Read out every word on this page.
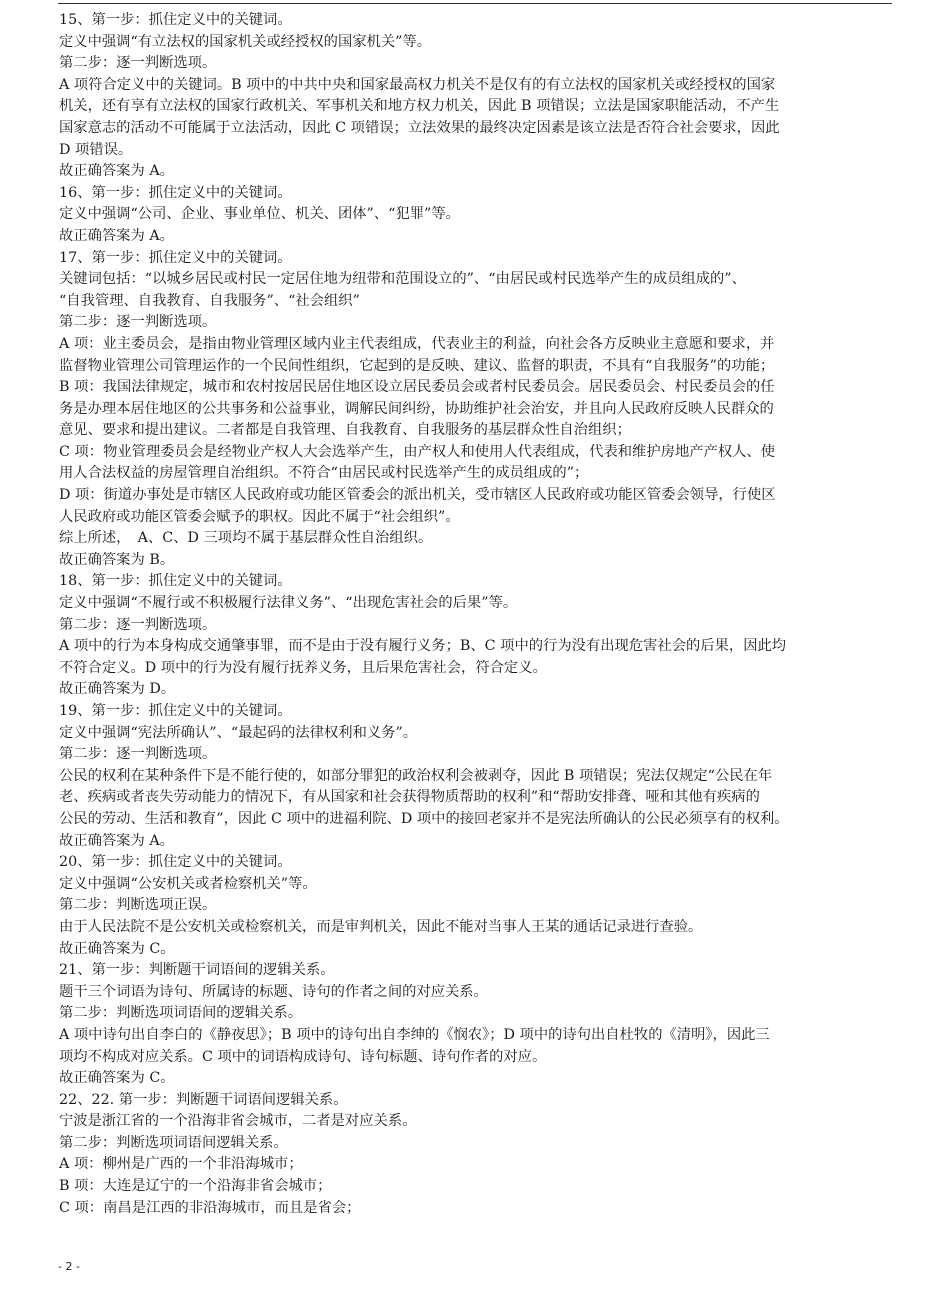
15、第一步：抓住定义中的关键词。
定义中强调“有立法权的国家机关或经授权的国家机关”等。
第二步：逐一判断选项。
A 项符合定义中的关键词。B 项中的中共中央和国家最高权力机关不是仅有的有立法权的国家机关或经授权的国家
机关，还有享有立法权的国家行政机关、军事机关和地方权力机关，因此 B 项错误；立法是国家职能活动，不产生
国家意志的活动不可能属于立法活动，因此 C 项错误；立法效果的最终决定因素是该立法是否符合社会要求，因此
D 项错误。
故正确答案为 A。
16、第一步：抓住定义中的关键词。
定义中强调“公司、企业、事业单位、机关、团体”、“犯罪”等。
故正确答案为 A。
17、第一步：抓住定义中的关键词。
关键词包括：“以城乡居民或村民一定居住地为纽带和范围设立的”、“由居民或村民选举产生的成员组成的”、
“自我管理、自我教育、自我服务”、“社会组织”
第二步：逐一判断选项。
A 项：业主委员会，是指由物业管理区域内业主代表组成，代表业主的利益，向社会各方反映业主意愿和要求，并
监督物业管理公司管理运作的一个民间性组织，它起到的是反映、建议、监督的职责，不具有“自我服务”的功能；
B 项：我国法律规定，城市和农村按居民居住地区设立居民委员会或者村民委员会。居民委员会、村民委员会的任
务是办理本居住地区的公共事务和公益事业，调解民间纠纷，协助维护社会治安，并且向人民政府反映人民群众的
意见、要求和提出建议。二者都是自我管理、自我教育、自我服务的基层群众性自治组织；
C 项：物业管理委员会是经物业产权人大会选举产生，由产权人和使用人代表组成，代表和维护房地产产权人、使
用人合法权益的房屋管理自治组织。不符合“由居民或村民选举产生的成员组成的”；
D 项：街道办事处是市辖区人民政府或功能区管委会的派出机关，受市辖区人民政府或功能区管委会领导，行使区
人民政府或功能区管委会赋予的职权。因此不属于“社会组织”。
综上所述，　A、C、D 三项均不属于基层群众性自治组织。
故正确答案为 B。
18、第一步：抓住定义中的关键词。
定义中强调“不履行或不积极履行法律义务”、“出现危害社会的后果”等。
第二步：逐一判断选项。
A 项中的行为本身构成交通肇事罪，而不是由于没有履行义务；B、C 项中的行为没有出现危害社会的后果，因此均
不符合定义。D 项中的行为没有履行抚养义务，且后果危害社会，符合定义。
故正确答案为 D。
19、第一步：抓住定义中的关键词。
定义中强调“宪法所确认”、“最起码的法律权利和义务”。
第二步：逐一判断选项。
公民的权利在某种条件下是不能行使的，如部分罪犯的政治权利会被剥夺，因此 B 项错误；宪法仅规定“公民在年
老、疾病或者丧失劳动能力的情况下，有从国家和社会获得物质帮助的权利”和“帮助安排聋、哑和其他有疾病的
公民的劳动、生活和教育”，因此 C 项中的进福利院、D 项中的接回老家并不是宪法所确认的公民必须享有的权利。
故正确答案为 A。
20、第一步：抓住定义中的关键词。
定义中强调“公安机关或者检察机关”等。
第二步：判断选项正误。
由于人民法院不是公安机关或检察机关，而是审判机关，因此不能对当事人王某的通话记录进行查验。
故正确答案为 C。
21、第一步：判断题干词语间的逻辑关系。
题干三个词语为诗句、所属诗的标题、诗句的作者之间的对应关系。
第二步：判断选项词语间的逻辑关系。
A 项中诗句出自李白的《静夜思》；B 项中的诗句出自李绅的《悯农》；D 项中的诗句出自杜牧的《清明》，因此三
项均不构成对应关系。C 项中的词语构成诗句、诗句标题、诗句作者的对应。
故正确答案为 C。
22、22. 第一步：判断题干词语间逻辑关系。
宁波是浙江省的一个沿海非省会城市，二者是对应关系。
第二步：判断选项词语间逻辑关系。
A 项：柳州是广西的一个非沿海城市；
B 项：大连是辽宁的一个沿海非省会城市；
C 项：南昌是江西的非沿海城市，而且是省会；
- 2 -
